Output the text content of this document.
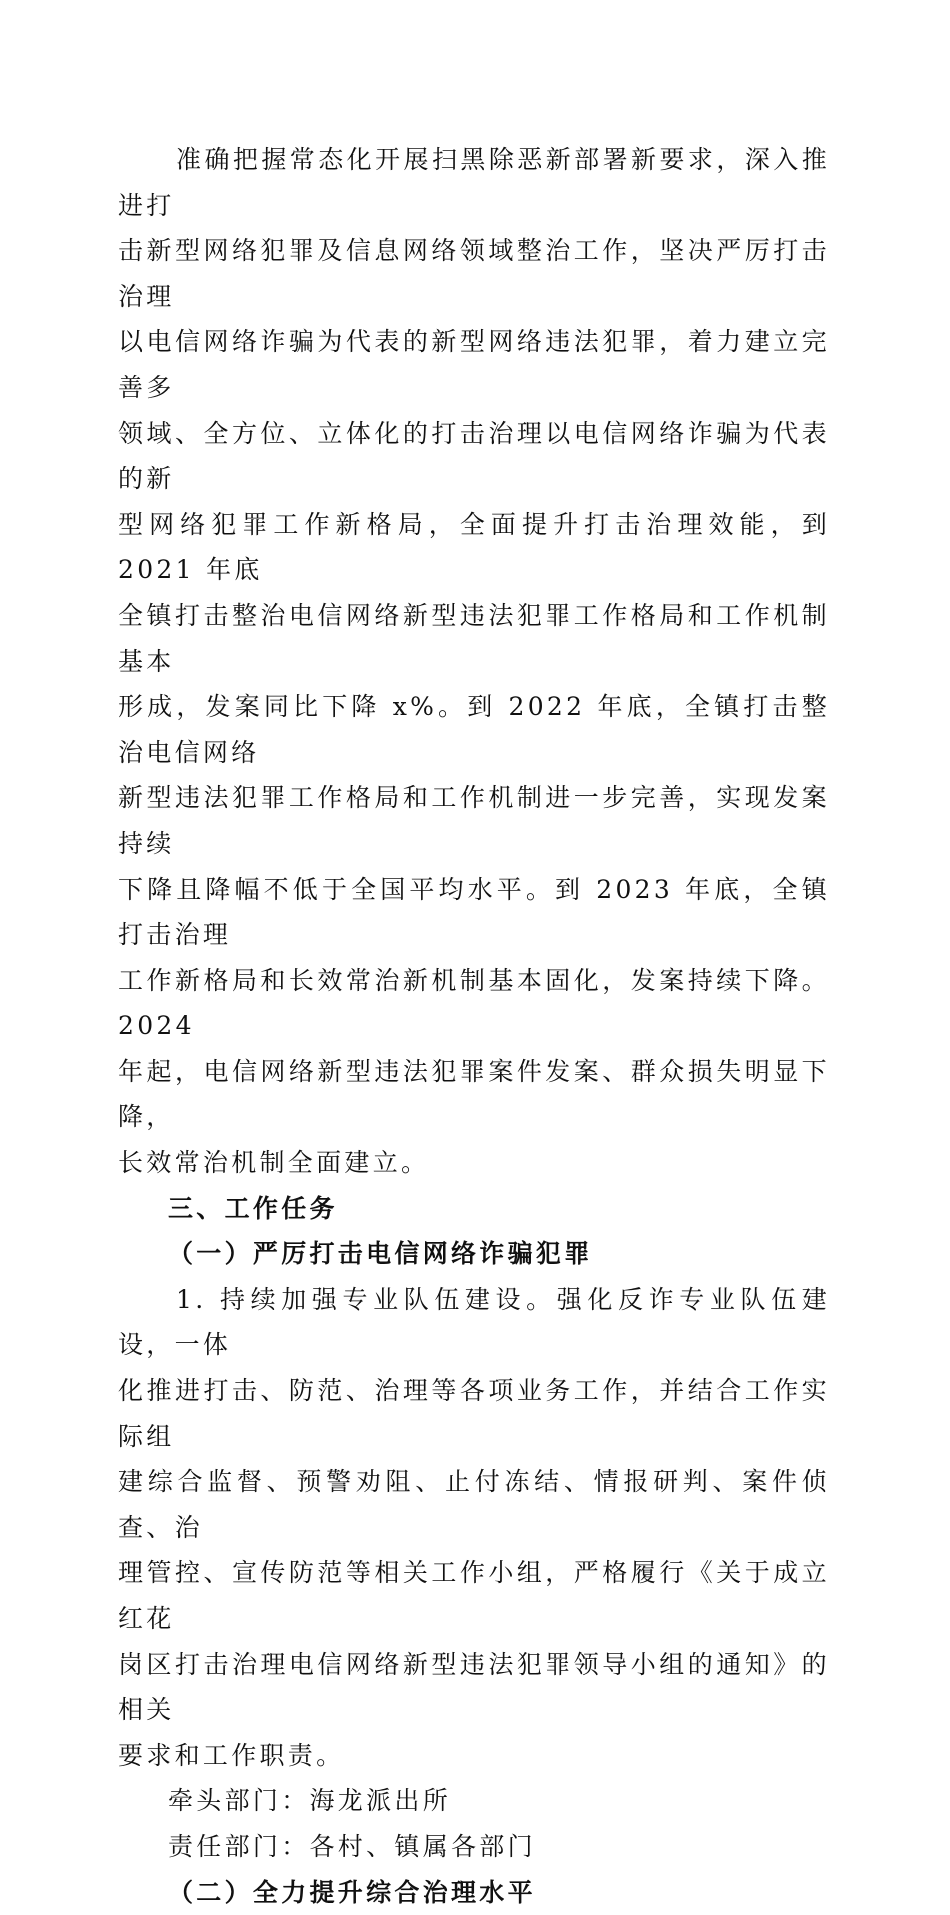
准确把握常态化开展扫黑除恶新部署新要求，深入推进打
击新型网络犯罪及信息网络领域整治工作，坚决严厉打击治理
以电信网络诈骗为代表的新型网络违法犯罪，着力建立完善多
领域、全方位、立体化的打击治理以电信网络诈骗为代表的新
型网络犯罪工作新格局，全面提升打击治理效能，到 2021 年底
全镇打击整治电信网络新型违法犯罪工作格局和工作机制基本
形成，发案同比下降 x%。到 2022 年底，全镇打击整治电信网络
新型违法犯罪工作格局和工作机制进一步完善，实现发案持续
下降且降幅不低于全国平均水平。到 2023 年底，全镇打击治理
工作新格局和长效常治新机制基本固化，发案持续下降。2024
年起，电信网络新型违法犯罪案件发案、群众损失明显下降，
长效常治机制全面建立。

三、工作任务

（一）严厉打击电信网络诈骗犯罪

1. 持续加强专业队伍建设。强化反诈专业队伍建设，一体
化推进打击、防范、治理等各项业务工作，并结合工作实际组
建综合监督、预警劝阻、止付冻结、情报研判、案件侦查、治
理管控、宣传防范等相关工作小组，严格履行《关于成立红花
岗区打击治理电信网络新型违法犯罪领导小组的通知》的相关
要求和工作职责。

牵头部门：海龙派出所

责任部门：各村、镇属各部门

（二）全力提升综合治理水平
